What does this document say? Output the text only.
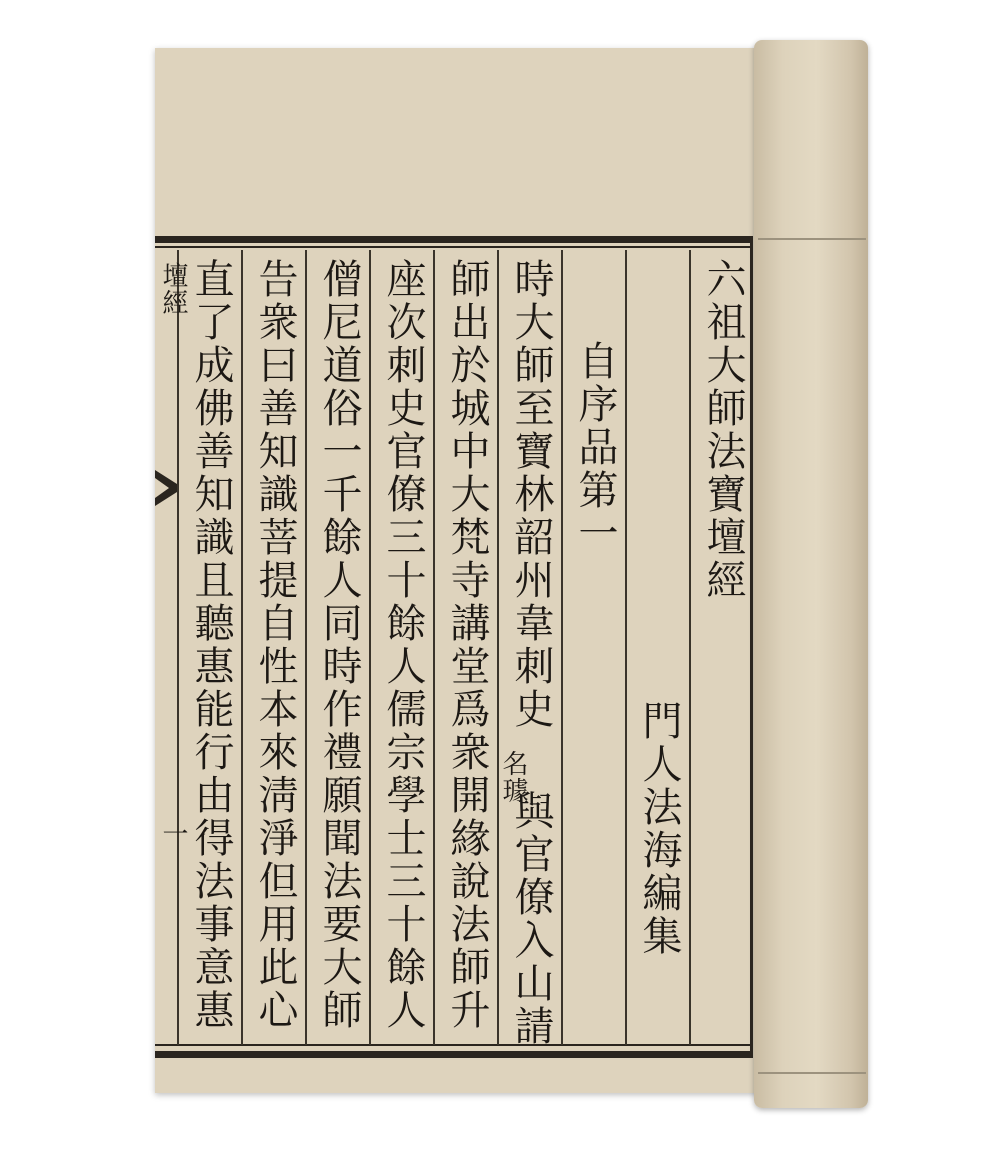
壇經
一
六祖大師法寶壇經
門人法海編集
自序品第一
時大師至寶林韶州韋刺史
名璩
與官僚入山請
師出於城中大梵寺講堂爲衆開緣說法師升
座次刺史官僚三十餘人儒宗學士三十餘人
僧尼道俗一千餘人同時作禮願聞法要大師
告衆曰善知識菩提自性本來淸淨但用此心
直了成佛善知識且聽惠能行由得法事意惠
